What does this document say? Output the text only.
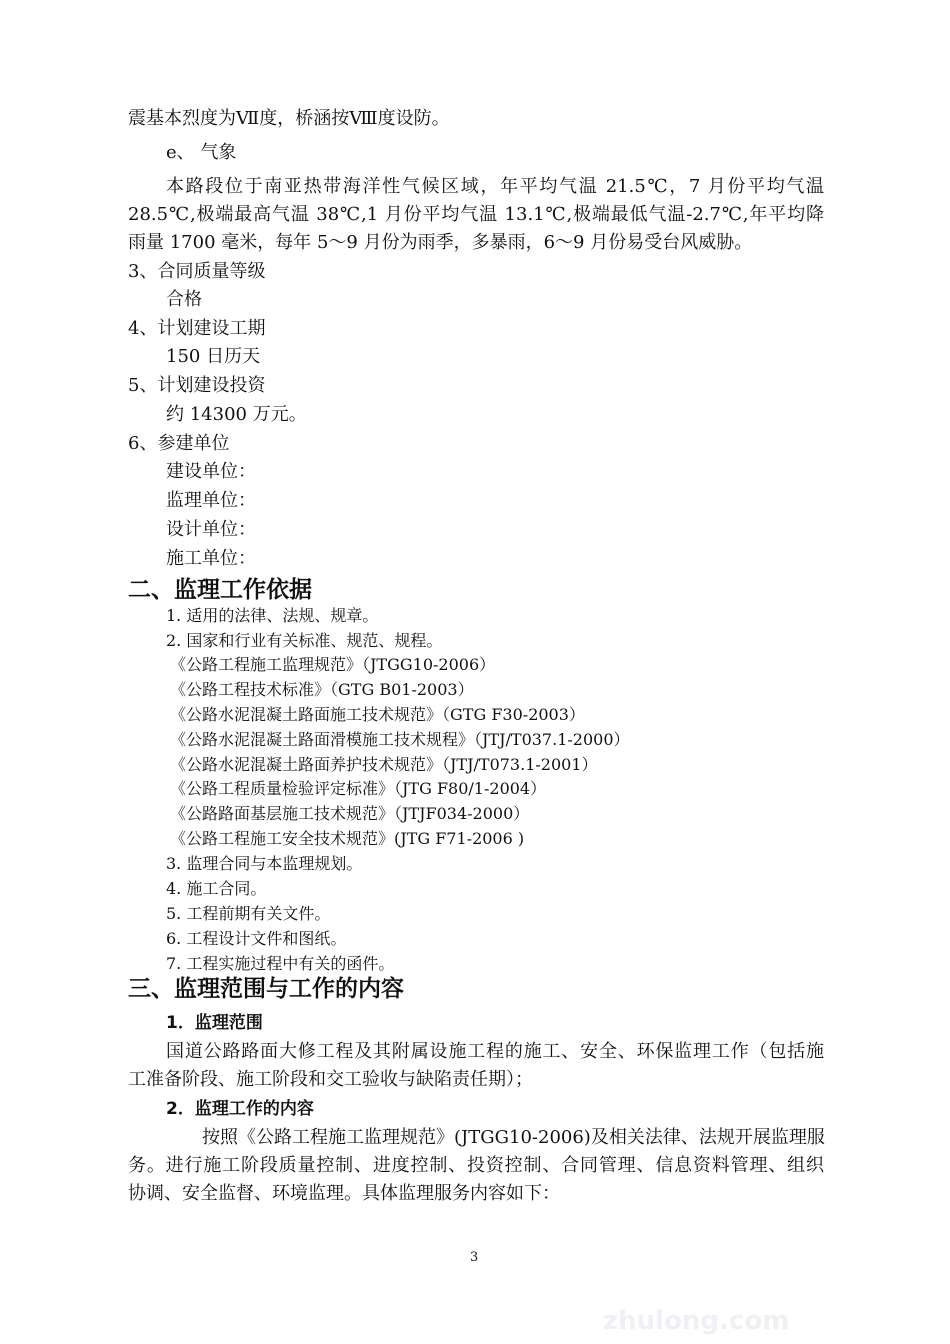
震基本烈度为Ⅶ度，桥涵按Ⅷ度设防。
e、 气象
本路段位于南亚热带海洋性气候区域，年平均气温 21.5℃，7 月份平均气温
28.5℃,极端最高气温 38℃,1 月份平均气温 13.1℃,极端最低气温-2.7℃,年平均降
雨量 1700 毫米，每年 5～9 月份为雨季，多暴雨，6～9 月份易受台风威胁。
3、合同质量等级
合格
4、计划建设工期
150 日历天
5、计划建设投资
约 14300 万元。
6、参建单位
建设单位：
监理单位：
设计单位：
施工单位：
二、监理工作依据
1. 适用的法律、法规、规章。
2. 国家和行业有关标准、规范、规程。
《公路工程施工监理规范》（JTGG10-2006）
《公路工程技术标准》（GTG B01-2003）
《公路水泥混凝土路面施工技术规范》（GTG F30-2003）
《公路水泥混凝土路面滑模施工技术规程》（JTJ/T037.1-2000）
《公路水泥混凝土路面养护技术规范》（JTJ/T073.1-2001）
《公路工程质量检验评定标准》（JTG F80/1-2004）
《公路路面基层施工技术规范》（JTJF034-2000）
《公路工程施工安全技术规范》(JTG F71-2006 )
3. 监理合同与本监理规划。
4. 施工合同。
5. 工程前期有关文件。
6. 工程设计文件和图纸。
7. 工程实施过程中有关的函件。
三、监理范围与工作的内容
1．监理范围
国道公路路面大修工程及其附属设施工程的施工、安全、环保监理工作（包括施
工准备阶段、施工阶段和交工验收与缺陷责任期）；
2．监理工作的内容
按照《公路工程施工监理规范》(JTGG10-2006)及相关法律、法规开展监理服
务。进行施工阶段质量控制、进度控制、投资控制、合同管理、信息资料管理、组织
协调、安全监督、环境监理。具体监理服务内容如下：
3
zhulong.com
